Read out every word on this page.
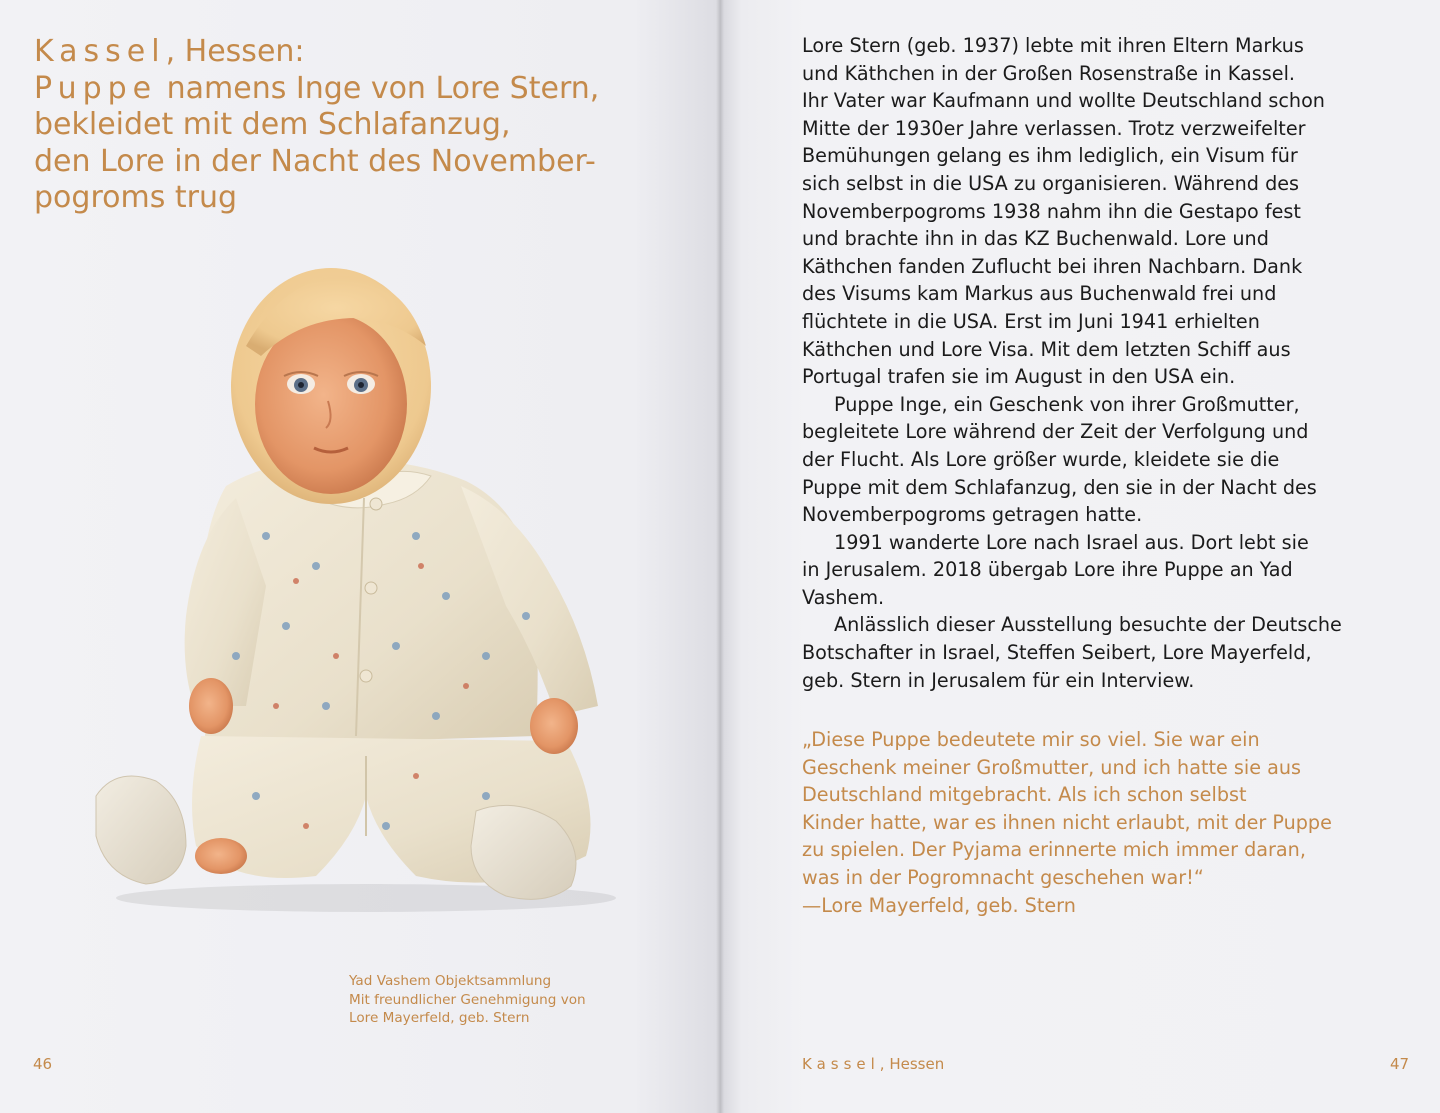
Kassel, Hessen:
Puppe namens Inge von Lore Stern,
bekleidet mit dem Schlafanzug,
den Lore in der Nacht des November-
pogroms trug
Yad Vashem Objektsammlung
Mit freundlicher Genehmigung von
Lore Mayerfeld, geb. Stern
46
Lore Stern (geb. 1937) lebte mit ihren Eltern Markus
und Käthchen in der Großen Rosenstraße in Kassel.
Ihr Vater war Kaufmann und wollte Deutschland schon
Mitte der 1930er Jahre verlassen. Trotz verzweifelter
Bemühungen gelang es ihm lediglich, ein Visum für
sich selbst in die USA zu organisieren. Während des
Novemberpogroms 1938 nahm ihn die Gestapo fest
und brachte ihn in das KZ Buchenwald. Lore und
Käthchen fanden Zuflucht bei ihren Nachbarn. Dank
des Visums kam Markus aus Buchenwald frei und
flüchtete in die USA. Erst im Juni 1941 erhielten
Käthchen und Lore Visa. Mit dem letzten Schiff aus
Portugal trafen sie im August in den USA ein.
Puppe Inge, ein Geschenk von ihrer Großmutter,
begleitete Lore während der Zeit der Verfolgung und
der Flucht. Als Lore größer wurde, kleidete sie die
Puppe mit dem Schlafanzug, den sie in der Nacht des
Novemberpogroms getragen hatte.
1991 wanderte Lore nach Israel aus. Dort lebt sie
in Jerusalem. 2018 übergab Lore ihre Puppe an Yad
Vashem.
Anlässlich dieser Ausstellung besuchte der Deutsche
Botschafter in Israel, Steffen Seibert, Lore Mayerfeld,
geb. Stern in Jerusalem für ein Interview.
„Diese Puppe bedeutete mir so viel. Sie war ein
Geschenk meiner Großmutter, und ich hatte sie aus
Deutschland mitgebracht. Als ich schon selbst
Kinder hatte, war es ihnen nicht erlaubt, mit der Puppe
zu spielen. Der Pyjama erinnerte mich immer daran,
was in der Pogromnacht geschehen war!“
—Lore Mayerfeld, geb. Stern
Kassel, Hessen	47
